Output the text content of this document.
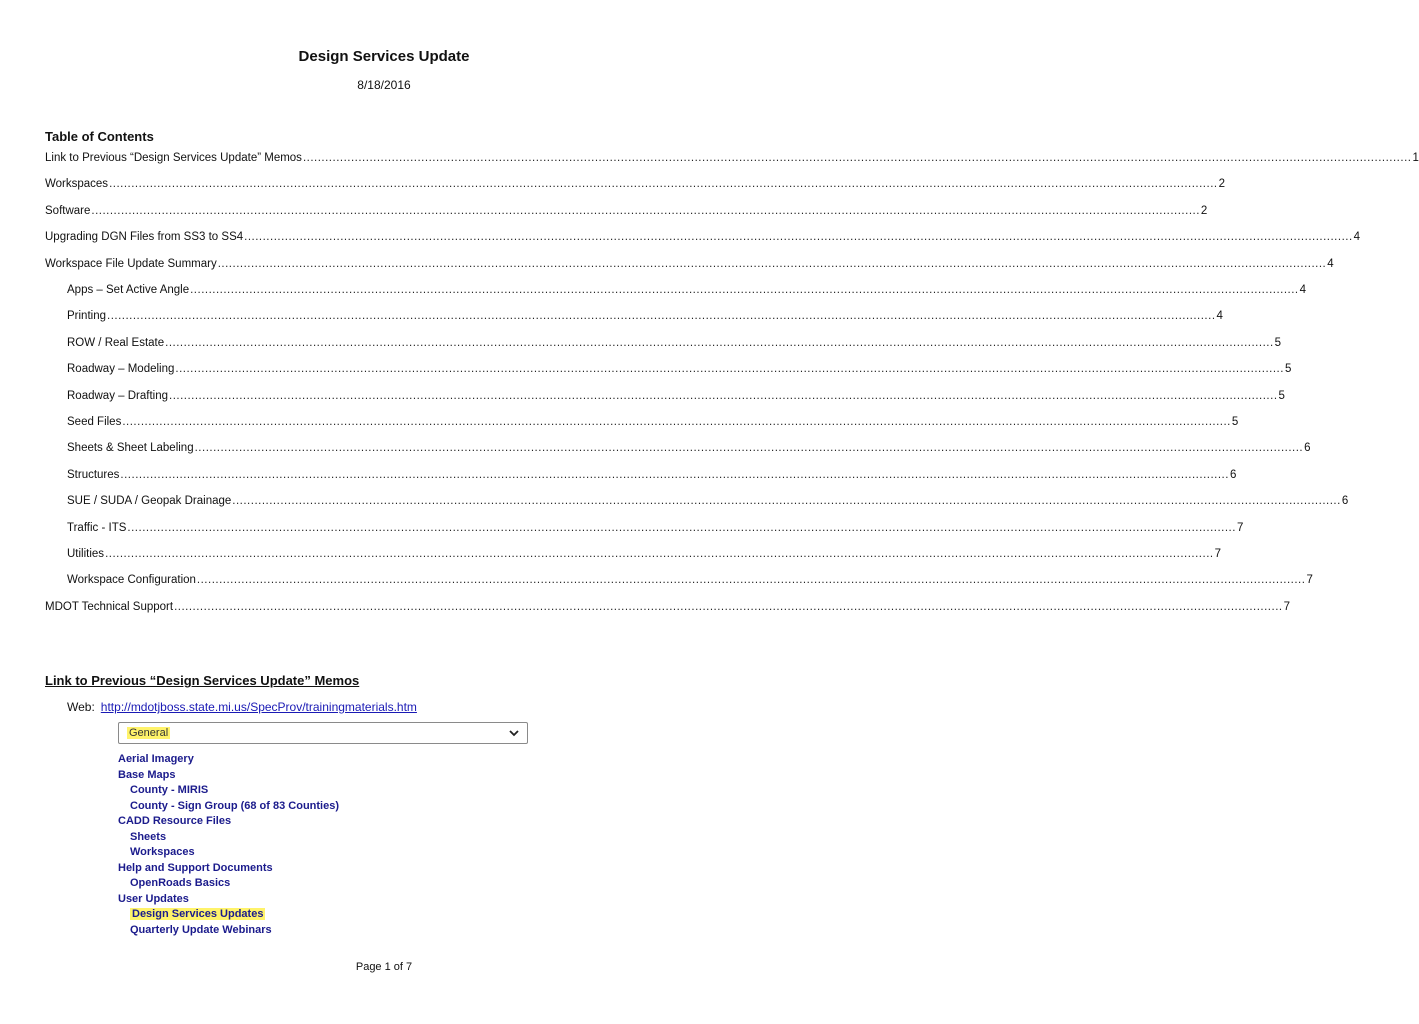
Design Services Update
8/18/2016
Table of Contents
Link to Previous “Design Services Update” Memos ............................................................................................................................................................................................................................................................................................................ 1
Workspaces ............................................................................................................................................................................................................................................................................................................ 2
Software ............................................................................................................................................................................................................................................................................................................ 2
Upgrading DGN Files from SS3 to SS4 ............................................................................................................................................................................................................................................................................................................ 4
Workspace File Update Summary ............................................................................................................................................................................................................................................................................................................ 4
Apps – Set Active Angle ............................................................................................................................................................................................................................................................................................................ 4
Printing ............................................................................................................................................................................................................................................................................................................ 4
ROW / Real Estate ............................................................................................................................................................................................................................................................................................................ 5
Roadway – Modeling ............................................................................................................................................................................................................................................................................................................ 5
Roadway – Drafting ............................................................................................................................................................................................................................................................................................................ 5
Seed Files ............................................................................................................................................................................................................................................................................................................ 5
Sheets & Sheet Labeling ............................................................................................................................................................................................................................................................................................................ 6
Structures ............................................................................................................................................................................................................................................................................................................ 6
SUE / SUDA / Geopak Drainage ............................................................................................................................................................................................................................................................................................................ 6
Traffic - ITS ............................................................................................................................................................................................................................................................................................................ 7
Utilities ............................................................................................................................................................................................................................................................................................................ 7
Workspace Configuration ............................................................................................................................................................................................................................................................................................................ 7
MDOT Technical Support ............................................................................................................................................................................................................................................................................................................ 7
Link to Previous “Design Services Update” Memos
Web: http://mdotjboss.state.mi.us/SpecProv/trainingmaterials.htm
General
Aerial Imagery
Base Maps
County - MIRIS
County - Sign Group (68 of 83 Counties)
CADD Resource Files
Sheets
Workspaces
Help and Support Documents
OpenRoads Basics
User Updates
Design Services Updates
Quarterly Update Webinars
Page 1 of 7
